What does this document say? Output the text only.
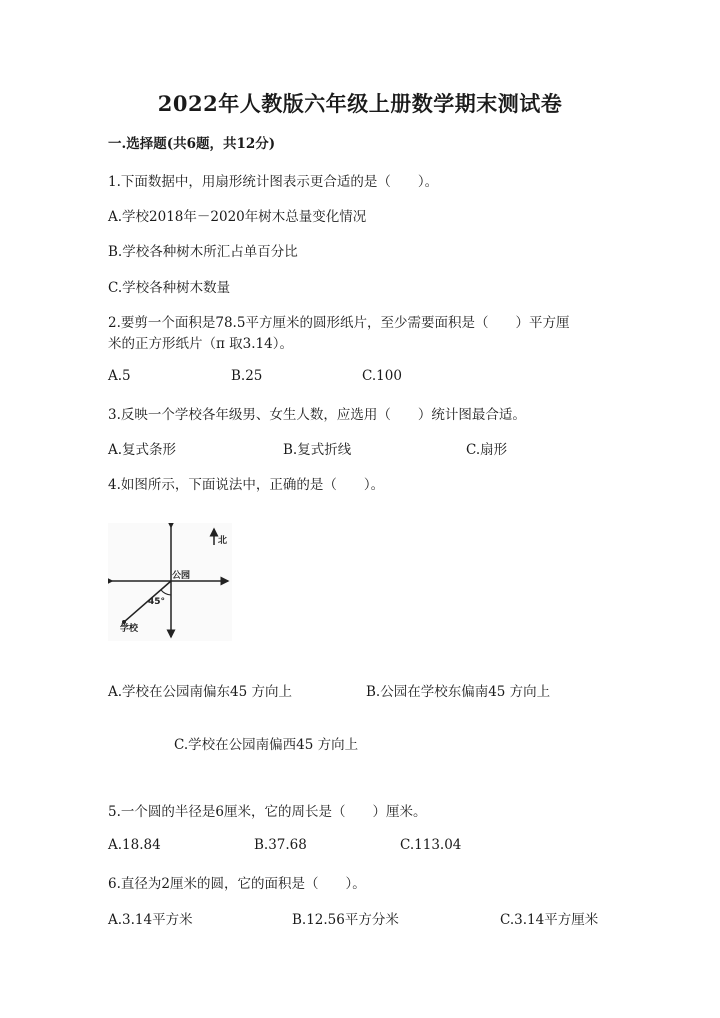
2022年人教版六年级上册数学期末测试卷
一.选择题(共6题，共12分)
1.下面数据中，用扇形统计图表示更合适的是（　　）。
A.学校2018年－2020年树木总量变化情况
B.学校各种树木所汇占单百分比
C.学校各种树木数量
2.要剪一个面积是78.5平方厘米的圆形纸片，至少需要面积是（　　）平方厘
米的正方形纸片（π 取3.14）。
A.5	B.25	C.100
3.反映一个学校各年级男、女生人数，应选用（　　）统计图最合适。
A.复式条形	B.复式折线	C.扇形
4.如图所示，下面说法中，正确的是（　　）。
北
公园
学校
45°
A.学校在公园南偏东45 方向上	B.公园在学校东偏南45 方向上
C.学校在公园南偏西45 方向上
5.一个圆的半径是6厘米，它的周长是（　　）厘米。
A.18.84	B.37.68	C.113.04
6.直径为2厘米的圆，它的面积是（　　）。
A.3.14平方米	B.12.56平方分米	C.3.14平方厘米
